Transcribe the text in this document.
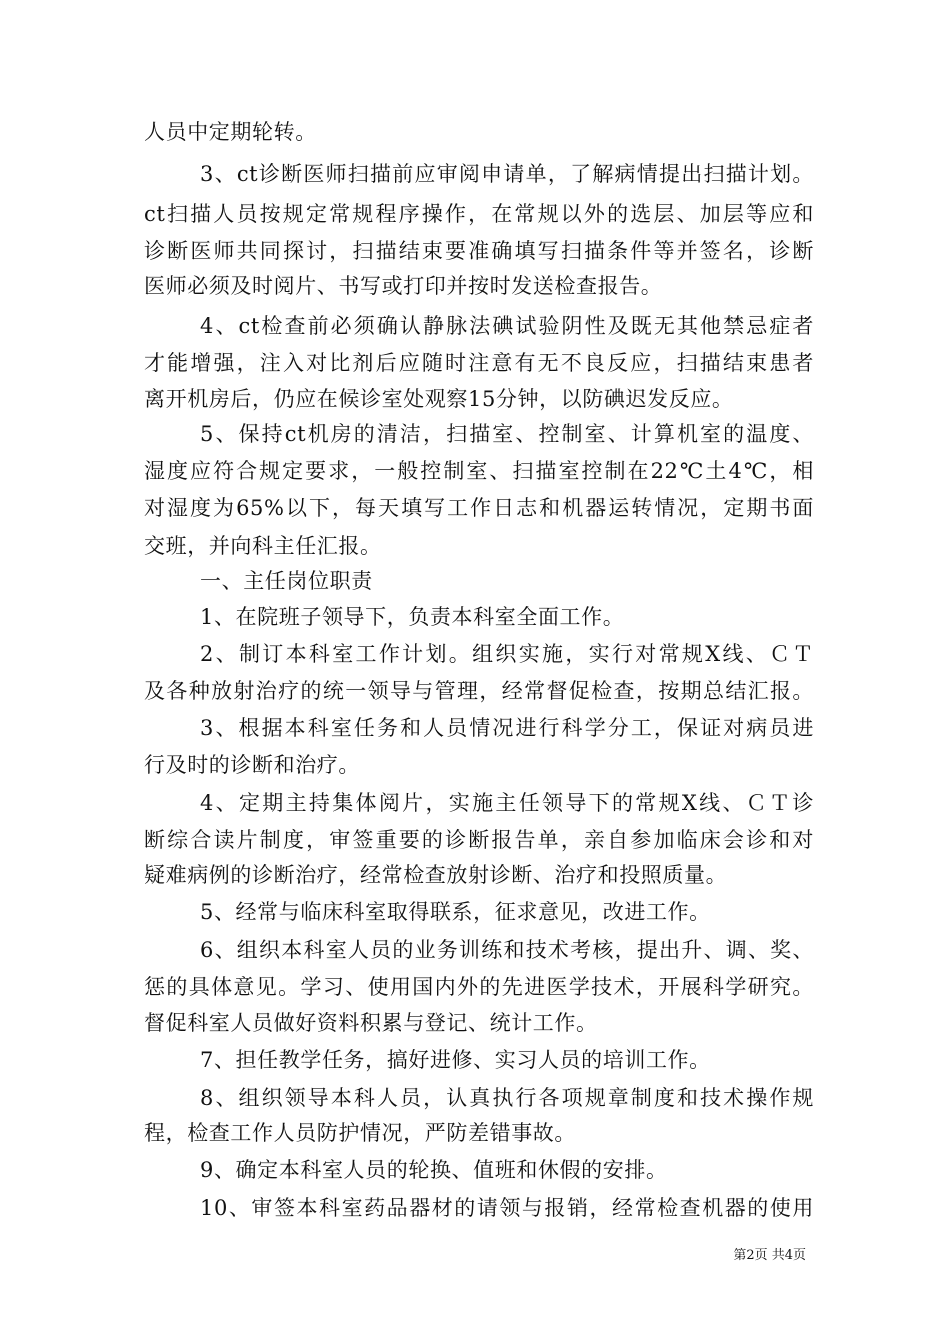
人员中定期轮转。
3、ct诊断医师扫描前应审阅申请单，了解病情提出扫描计划。
ct扫描人员按规定常规程序操作，在常规以外的选层、加层等应和
诊断医师共同探讨，扫描结束要准确填写扫描条件等并签名，诊断
医师必须及时阅片、书写或打印并按时发送检查报告。
4、ct检查前必须确认静脉法碘试验阴性及既无其他禁忌症者
才能增强，注入对比剂后应随时注意有无不良反应，扫描结束患者
离开机房后，仍应在候诊室处观察15分钟，以防碘迟发反应。
5、保持ct机房的清洁，扫描室、控制室、计算机室的温度、
湿度应符合规定要求，一般控制室、扫描室控制在22℃土4℃，相
对湿度为65%以下，每天填写工作日志和机器运转情况，定期书面
交班，并向科主任汇报。
一、主任岗位职责
1、在院班子领导下，负责本科室全面工作。
2、制订本科室工作计划。组织实施，实行对常规X线、ＣＴ
及各种放射治疗的统一领导与管理，经常督促检查，按期总结汇报。
3、根据本科室任务和人员情况进行科学分工，保证对病员进
行及时的诊断和治疗。
4、定期主持集体阅片，实施主任领导下的常规X线、ＣＴ诊
断综合读片制度，审签重要的诊断报告单，亲自参加临床会诊和对
疑难病例的诊断治疗，经常检查放射诊断、治疗和投照质量。
5、经常与临床科室取得联系，征求意见，改进工作。
6、组织本科室人员的业务训练和技术考核，提出升、调、奖、
惩的具体意见。学习、使用国内外的先进医学技术，开展科学研究。
督促科室人员做好资料积累与登记、统计工作。
7、担任教学任务，搞好进修、实习人员的培训工作。
8、组织领导本科人员，认真执行各项规章制度和技术操作规
程，检查工作人员防护情况，严防差错事故。
9、确定本科室人员的轮换、值班和休假的安排。
10、审签本科室药品器材的请领与报销，经常检查机器的使用
第2页 共4页
